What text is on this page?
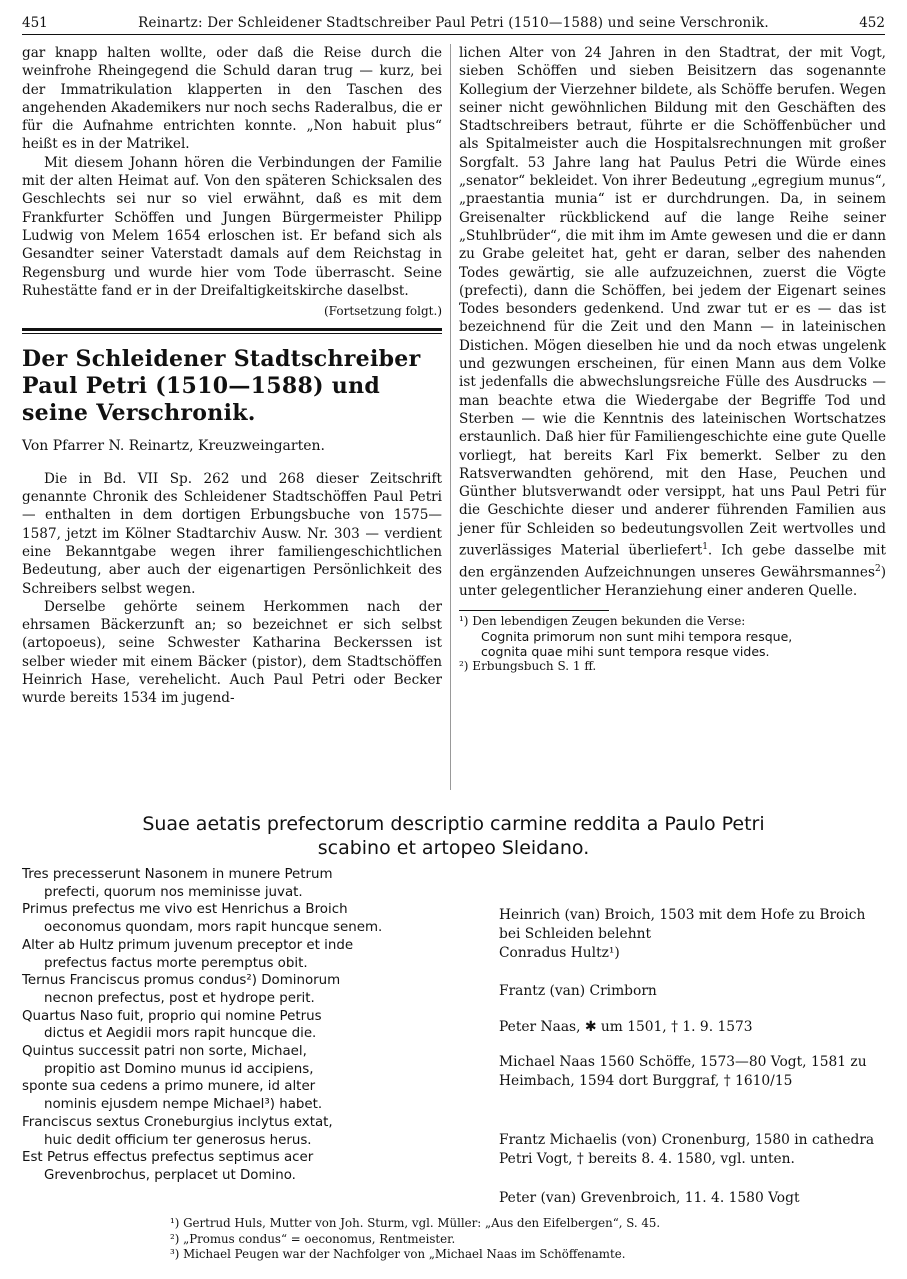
451	Reinartz: Der Schleidener Stadtschreiber Paul Petri (1510—1588) und seine Verschronik.	452

gar knapp halten wollte, oder daß die Reise durch die weinfrohe Rheingegend die Schuld daran trug — kurz, bei der Immatrikulation klapperten in den Taschen des angehenden Akademikers nur noch sechs Raderalbus, die er für die Aufnahme entrichten konnte. „Non habuit plus“ heißt es in der Matrikel.

Mit diesem Johann hören die Verbindungen der Familie mit der alten Heimat auf. Von den späteren Schicksalen des Geschlechts sei nur so viel erwähnt, daß es mit dem Frankfurter Schöffen und Jungen Bürgermeister Philipp Ludwig von Melem 1654 erloschen ist. Er befand sich als Gesandter seiner Vaterstadt damals auf dem Reichstag in Regensburg und wurde hier vom Tode überrascht. Seine Ruhestätte fand er in der Dreifaltigkeitskirche daselbst.

(Fortsetzung folgt.)
Der Schleidener Stadtschreiber Paul Petri (1510—1588) und seine Verschronik.
Von Pfarrer N. Reinartz, Kreuzweingarten.

Die in Bd. VII Sp. 262 und 268 dieser Zeitschrift genannte Chronik des Schleidener Stadtschöffen Paul Petri — enthalten in dem dortigen Erbungsbuche von 1575—1587, jetzt im Kölner Stadtarchiv Ausw. Nr. 303 — verdient eine Bekanntgabe wegen ihrer familiengeschichtlichen Bedeutung, aber auch der eigenartigen Persönlichkeit des Schreibers selbst wegen.

Derselbe gehörte seinem Herkommen nach der ehrsamen Bäckerzunft an; so bezeichnet er sich selbst (artopoeus), seine Schwester Katharina Beckerssen ist selber wieder mit einem Bäcker (pistor), dem Stadtschöffen Heinrich Hase, verehelicht. Auch Paul Petri oder Becker wurde bereits 1534 im jugend-

lichen Alter von 24 Jahren in den Stadtrat, der mit Vogt, sieben Schöffen und sieben Beisitzern das sogenannte Kollegium der Vierzehner bildete, als Schöffe berufen. Wegen seiner nicht gewöhnlichen Bildung mit den Geschäften des Stadtschreibers betraut, führte er die Schöffenbücher und als Spitalmeister auch die Hospitalsrechnungen mit großer Sorgfalt. 53 Jahre lang hat Paulus Petri die Würde eines „senator“ bekleidet. Von ihrer Bedeutung „egregium munus“, „praestantia munia“ ist er durchdrungen. Da, in seinem Greisenalter rückblickend auf die lange Reihe seiner „Stuhlbrüder“, die mit ihm im Amte gewesen und die er dann zu Grabe geleitet hat, geht er daran, selber des nahenden Todes gewärtig, sie alle aufzuzeichnen, zuerst die Vögte (prefecti), dann die Schöffen, bei jedem der Eigenart seines Todes besonders gedenkend. Und zwar tut er es — das ist bezeichnend für die Zeit und den Mann — in lateinischen Distichen. Mögen dieselben hie und da noch etwas ungelenk und gezwungen erscheinen, für einen Mann aus dem Volke ist jedenfalls die abwechslungsreiche Fülle des Ausdrucks — man beachte etwa die Wiedergabe der Begriffe Tod und Sterben — wie die Kenntnis des lateinischen Wortschatzes erstaunlich. Daß hier für Familiengeschichte eine gute Quelle vorliegt, hat bereits Karl Fix bemerkt. Selber zu den Ratsverwandten gehörend, mit den Hase, Peuchen und Günther blutsverwandt oder versippt, hat uns Paul Petri für die Geschichte dieser und anderer führenden Familien aus jener für Schleiden so bedeutungsvollen Zeit wertvolles und zuverlässiges Material überliefert$^1$. Ich gebe dasselbe mit den ergänzenden Aufzeichnungen unseres Gewährsmannes$^2$) unter gelegentlicher Heranziehung einer anderen Quelle.

¹) Den lebendigen Zeugen bekunden die Verse:
Cognita primorum non sunt mihi tempora resque,
cognita quae mihi sunt tempora resque vides.
²) Erbungsbuch S. 1 ff.
Suae aetatis prefectorum descriptio carmine reddita a Paulo Petri
scabino et artopeo Sleidano.
Tres precesserunt Nasonem in munere Petrum
prefecti, quorum nos meminisse juvat.
Primus prefectus me vivo est Henrichus a Broich
oeconomus quondam, mors rapit huncque senem.
Alter ab Hultz primum juvenum preceptor et inde
prefectus factus morte peremptus obit.
Ternus Franciscus promus condus²) Dominorum
necnon prefectus, post et hydrope perit.
Quartus Naso fuit, proprio qui nomine Petrus
dictus et Aegidii mors rapit huncque die.
Quintus successit patri non sorte, Michael,
propitio ast Domino munus id accipiens,
sponte sua cedens a primo munere, id alter
nominis ejusdem nempe Michael³) habet.
Franciscus sextus Croneburgius inclytus extat,
huic dedit officium ter generosus herus.
Est Petrus effectus prefectus septimus acer
Grevenbrochus, perplacet ut Domino.
Heinrich (van) Broich, 1503 mit dem Hofe zu Broich bei Schleiden belehnt
Conradus Hultz¹)
Frantz (van) Crimborn
Peter Naas, ✱ um 1501, † 1. 9. 1573
Michael Naas 1560 Schöffe, 1573—80 Vogt, 1581 zu Heimbach, 1594 dort Burggraf, † 1610/15
Frantz Michaelis (von) Cronenburg, 1580 in cathedra Petri Vogt, † bereits 8. 4. 1580, vgl. unten.
Peter (van) Grevenbroich, 11. 4. 1580 Vogt
¹) Gertrud Huls, Mutter von Joh. Sturm, vgl. Müller: „Aus den Eifelbergen“, S. 45.
²) „Promus condus“ = oeconomus, Rentmeister.
³) Michael Peugen war der Nachfolger von „Michael Naas im Schöffenamte.
